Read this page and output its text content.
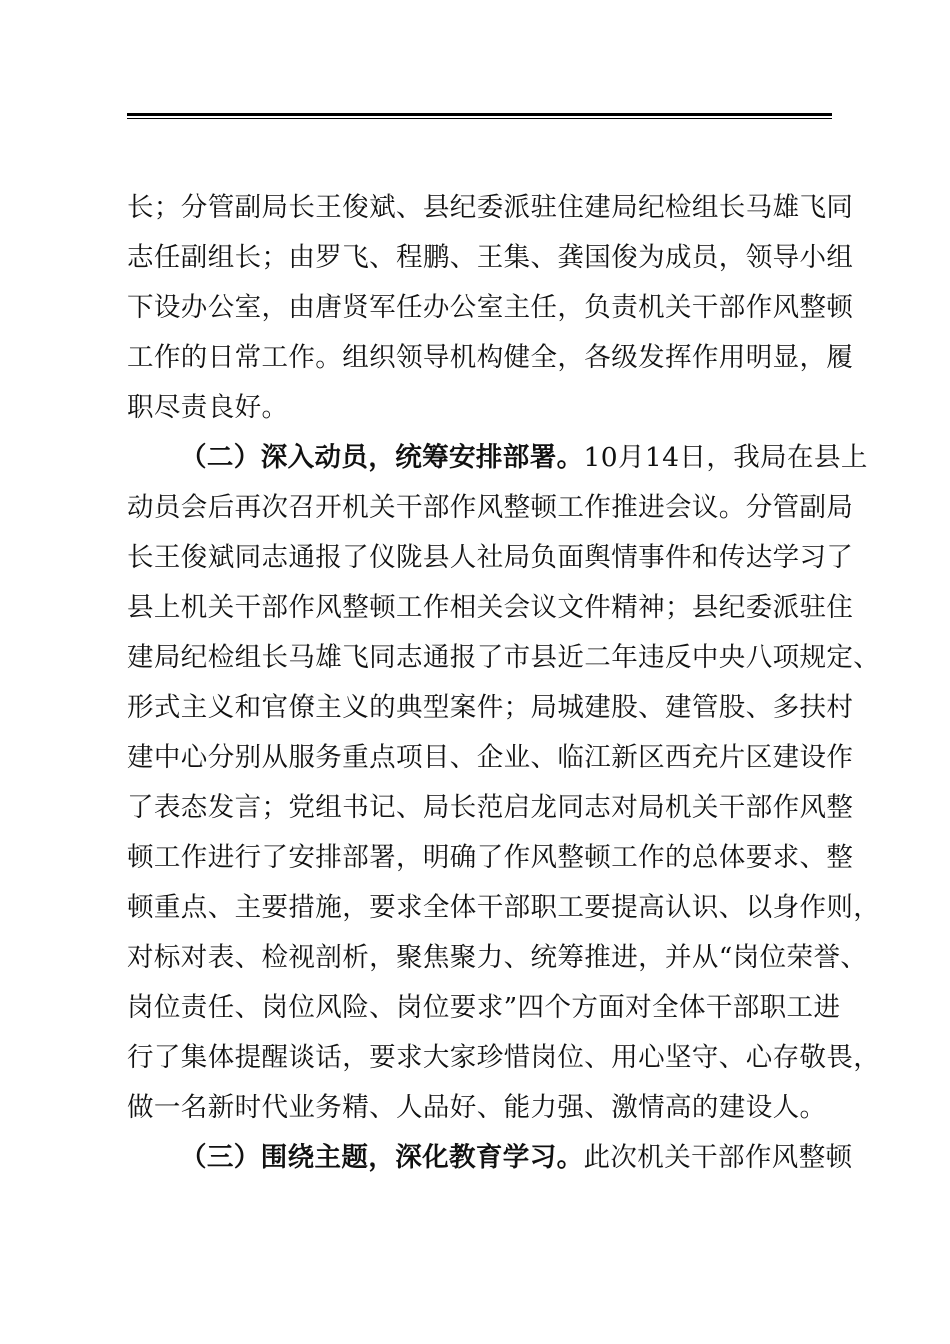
长；分管副局长王俊斌、县纪委派驻住建局纪检组长马雄飞同
志任副组长；由罗飞、程鹏、王集、龚国俊为成员，领导小组
下设办公室，由唐贤军任办公室主任，负责机关干部作风整顿
工作的日常工作。组织领导机构健全，各级发挥作用明显，履
职尽责良好。
（二）深入动员，统筹安排部署。10月14日，我局在县上
动员会后再次召开机关干部作风整顿工作推进会议。分管副局
长王俊斌同志通报了仪陇县人社局负面舆情事件和传达学习了
县上机关干部作风整顿工作相关会议文件精神；县纪委派驻住
建局纪检组长马雄飞同志通报了市县近二年违反中央八项规定、
形式主义和官僚主义的典型案件；局城建股、建管股、多扶村
建中心分别从服务重点项目、企业、临江新区西充片区建设作
了表态发言；党组书记、局长范启龙同志对局机关干部作风整
顿工作进行了安排部署，明确了作风整顿工作的总体要求、整
顿重点、主要措施，要求全体干部职工要提高认识、以身作则，
对标对表、检视剖析，聚焦聚力、统筹推进，并从“岗位荣誉、
岗位责任、岗位风险、岗位要求”四个方面对全体干部职工进
行了集体提醒谈话，要求大家珍惜岗位、用心坚守、心存敬畏，
做一名新时代业务精、人品好、能力强、激情高的建设人。
（三）围绕主题，深化教育学习。此次机关干部作风整顿
